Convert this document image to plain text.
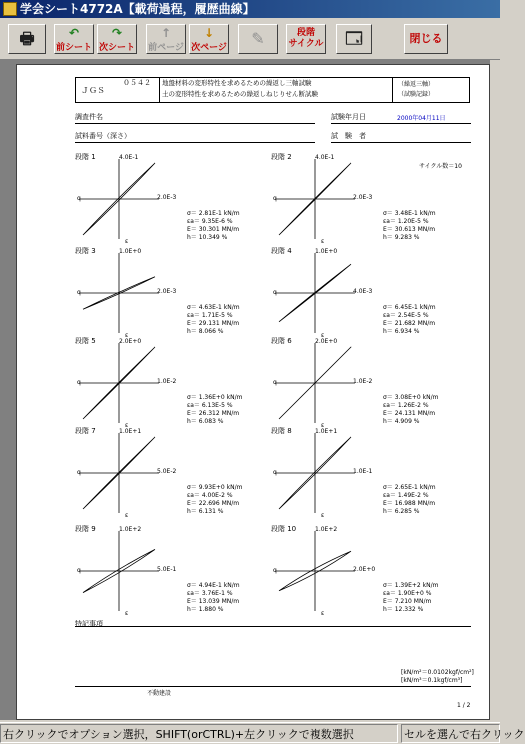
学会シート4772A【載荷過程，履歴曲線】
🖶	↶
前シート
↷
次シート
↑
前ページ
↓
次ページ	✎	段階
サイクル	🗔	閉じる
ＪＧＳ
０５４２ 地盤材料の変形特性を求めるための繰返し三軸試験
土の変形特性を求めるための繰返しねじりせん断試験
（繰返三軸）
（試験記録）
調査件名	試験年月日	2000年04月11日
試料番号（深さ）	試　験　者
サイクル数＝10
段階 1	4.0E-1
2.0E-3
q
ε
σ＝ 2.81E-1 kN/m
εa＝ 9.35E-6 %
E＝ 30.301 MN/m
h＝ 10.349 %
段階 2	4.0E-1
2.0E-3
q
ε
σ＝ 3.48E-1 kN/m
εa＝ 1.20E-5 %
E＝ 30.613 MN/m
h＝ 9.283 %
段階 3	1.0E+0
2.0E-3
q
ε
σ＝ 4.63E-1 kN/m
εa＝ 1.71E-5 %
E＝ 29.131 MN/m
h＝ 8.066 %
段階 4	1.0E+0
4.0E-3
q
ε
σ＝ 6.45E-1 kN/m
εa＝ 2.54E-5 %
E＝ 21.682 MN/m
h＝ 6.934 %
段階 5	2.0E+0
1.0E-2
q
ε
σ＝ 1.36E+0 kN/m
εa＝ 6.13E-5 %
E＝ 26.312 MN/m
h＝ 6.083 %
段階 6	2.0E+0
1.0E-2
q
ε
σ＝ 3.08E+0 kN/m
εa＝ 1.26E-2 %
E＝ 24.131 MN/m
h＝ 4.909 %
段階 7	1.0E+1
5.0E-2
q
ε
σ＝ 9.93E+0 kN/m
εa＝ 4.00E-2 %
E＝ 22.696 MN/m
h＝ 6.131 %
段階 8	1.0E+1
1.0E-1
q
ε
σ＝ 2.65E-1 kN/m
εa＝ 1.49E-2 %
E＝ 16.988 MN/m
h＝ 6.285 %
段階 9	1.0E+2
5.0E-1
q
ε
σ＝ 4.94E-1 kN/m
εa＝ 3.76E-1 %
E＝ 13.039 MN/m
h＝ 1.880 %
段階 10	1.0E+2
2.0E+0
q
ε
σ＝ 1.39E+2 kN/m
εa＝ 1.90E+0 %
E＝ 7.210 MN/m
h＝ 12.332 %
特記事項
[kN/m²＝0.0102kgf/cm²]
[kN/m³＝0.1kgf/cm³]
不動建設
1 / 2
右クリックでオプション選択，SHIFT(orCTRL)+左クリックで複数選択	セルを選んで右クリック
